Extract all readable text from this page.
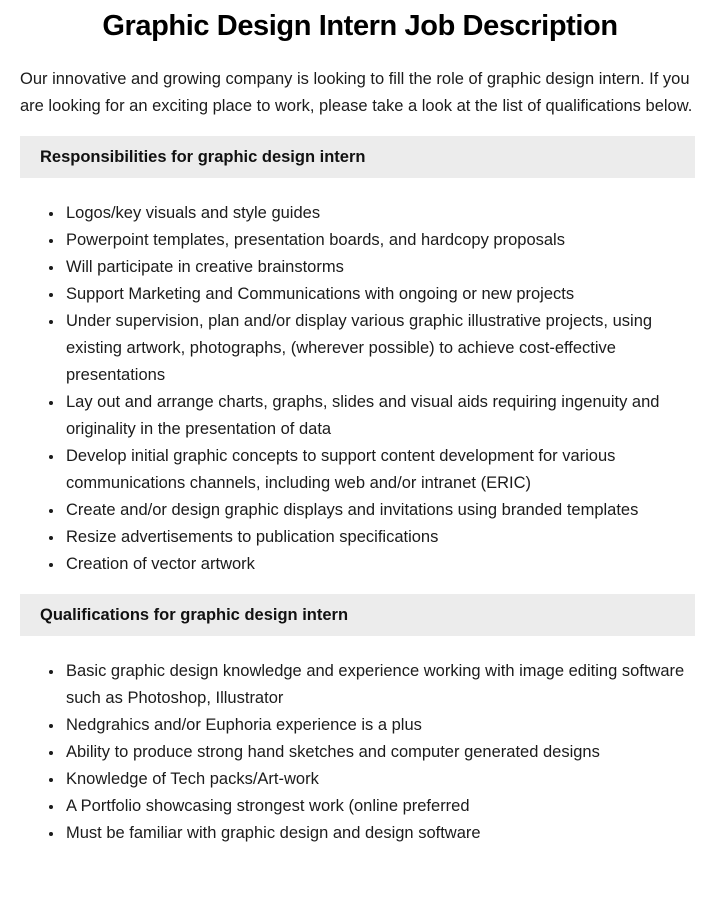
Graphic Design Intern Job Description

Our innovative and growing company is looking to fill the role of graphic design intern. If you are looking for an exciting place to work, please take a look at the list of qualifications below.

Responsibilities for graphic design intern
• Logos/key visuals and style guides
• Powerpoint templates, presentation boards, and hardcopy proposals
• Will participate in creative brainstorms
• Support Marketing and Communications with ongoing or new projects
• Under supervision, plan and/or display various graphic illustrative projects, using existing artwork, photographs, (wherever possible) to achieve cost-effective presentations
• Lay out and arrange charts, graphs, slides and visual aids requiring ingenuity and originality in the presentation of data
• Develop initial graphic concepts to support content development for various communications channels, including web and/or intranet (ERIC)
• Create and/or design graphic displays and invitations using branded templates
• Resize advertisements to publication specifications
• Creation of vector artwork
Qualifications for graphic design intern
• Basic graphic design knowledge and experience working with image editing software such as Photoshop, Illustrator
• Nedgrahics and/or Euphoria experience is a plus
• Ability to produce strong hand sketches and computer generated designs
• Knowledge of Tech packs/Art-work
• A Portfolio showcasing strongest work (online preferred
• Must be familiar with graphic design and design software
